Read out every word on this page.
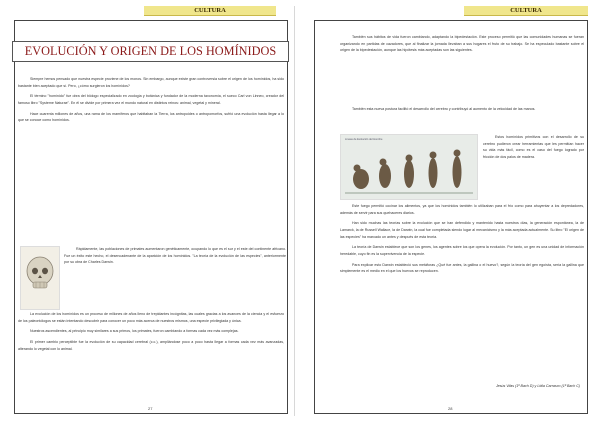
CULTURA
EVOLUCIÓN Y ORIGEN DE LOS HOMÍNIDOS

Siempre hemos pensado que nuestra especie proviene de los monos. Sin embargo, aunque existe gran controversia sobre el origen de los homínidos, ha sido bastante bien aceptado que sí. Pero, ¿cómo surgieron los homínidos?

El término "homínido" fue obra del biólogo especializado en zoología y botánica y fundador de la moderna taxonomía, el sueco Carl von Linneo, creador del famoso libro "Systeme Naturae". En él se divide por primera vez el mundo natural en distintos reinos: animal, vegetal y mineral.

Hace cuarenta millones de años, una rama de los mamíferos que habitaban la Tierra, los antropoides o antropomorfos, sufrió una evolución hasta llegar a lo que se conoce como homínidos.

Rápidamente, las poblaciones de primates aumentaron genéticamente, ocupando lo que es el sur y el este del continente africano. Fue un éxito este hecho, el desencadenante de la aparición de los homínidos. "La teoría de la evolución de las especies", anteriormente por su obra de Charles Darwin.

La evolución de los homínidos es un proceso de millones de años lleno de trepidantes incógnitas, las cuales gracias a los avances de la ciencia y el esfuerzo de los paleontólogos se están intentando descubrir para conocer un poco más acerca de nuestros mismos, una especie privilegiada y única.

Nuestros ascendientes, al principio muy similares a sus primos, los primates, fueron cambiando a formas cada vez más complejas.

El primer cambio perceptible fue la evolución de su capacidad cerebral (c.c.), ampliándose poco a poco hasta llegar a formas cada vez más avanzadas, alterando lo vegetal con lo animal.

27
CULTURA

También sus hábitos de vida fueron cambiando, adaptando la bipedestación. Este proceso permitió que las comunidades humanas se fueran organizando en partidas de cazadores, que al finalizar la jornada llevaban a sus hogares el fruto de su trabajo. Se ha especulado bastante sobre el origen de la bipedestación, aunque las hipótesis más aceptadas son las siguientes.

También esta nueva postura facilitó el desarrollo del cerebro y contribuyó al aumento de la velocidad de las manos.

Líneas de Evolución del Hombre

Estos homínidos primitivos con el desarrollo de su cerebro pudieron crear herramientas que les permitían hacer su vida más fácil, como es el caso del fuego logrado por fricción de dos palos de madera.

Este fuego permitió cocinar los alimentos, ya que los homínidos también lo utilizaban para el frío como para ahuyentar a los depredadores, además de servir para sus quehaceres diarios.

Han sido muchas las teorías sobre la evolución que se han defendido y mantenido hasta nuestros días, la generación espontánea, la de Lamarck, la de Russell Wallace, la de Darwin, la cual fue completada siendo lugar al mecanicismo y la más aceptada actualmente. Su libro "El origen de las especies" ha marcado un antes y después de esta teoría.

La teoría de Darwin establece que son los genes, los agentes sobre los que opera la evolución. Por tanto, un gen es una unidad de información heredable, cuyo fin es la supervivencia de la especie.

Para explicar esto Darwin estableció sus metáforas ¿Qué fue antes, la gallina o el huevo?, según la teoría del gen egoísta, sería la gallina que simplemente es el medio en el que los huevos se reproducen.

Jesús Vilas (1º Bach D) y Lidia Carrasco (1º Bach C)
28
